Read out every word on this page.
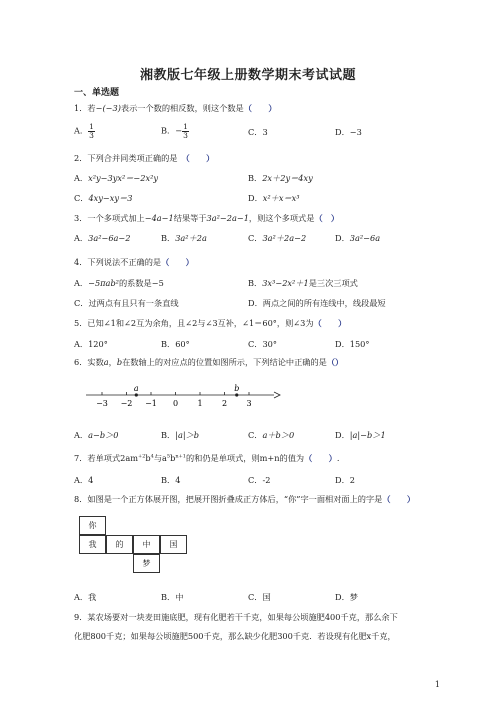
湘教版七年级上册数学期末考试试题
一、单选题
1．若−(−3)表示一个数的相反数，则这个数是（　　）
A． $\frac{1}{3}$	B．− $\frac{1}{3}$	C．3	D．−3
2．下列合并同类项正确的是　（　　）
A．x²y−3yx²＝−2x²y	B．2x＋2y＝4xy
C．4xy−xy＝3	D．x²＋x＝x³
3．一个多项式加上−4a−1结果等于3a²−2a−1，则这个多项式是（　）
A．3a²−6a−2	B．3a²＋2a	C．3a²＋2a−2	D．3a²−6a
4．下列说法不正确的是（　　）
A．−5πab²的系数是−5	B．3x³−2x²＋1是三次三项式
C．过两点有且只有一条直线	D．两点之间的所有连线中，线段最短
5．已知∠1和∠2互为余角，且∠2与∠3互补，∠1＝60°，则∠3为（　　）
A．120°	B．60°	C．30°	D．150°
6．实数a，b在数轴上的对应点的位置如图所示，下列结论中正确的是（）
−3 −2 −1 0 1 2 3
a	b
A．a−b＞0	B．|a|＞b	C．a＋b＞0	D．|a|−b＞1
7．若单项式$2am^{+2}b^4$与$a^5b^{n+1}$的和仍是单项式，则m+n的值为（　　）.
A．4	B．4	C．-2	D．2
8．如图是一个正方体展开图，把展开图折叠成正方体后，“你”字一面相对面上的字是（　　）
你
我	的	中	国
梦
A．我	B．中	C．国	D．梦
9．某农场要对一块麦田施底肥，现有化肥若干千克，如果每公顷施肥400千克，那么余下
化肥800千克；如果每公顷施肥500千克，那么缺少化肥300千克．若设现有化肥x千克，
1
